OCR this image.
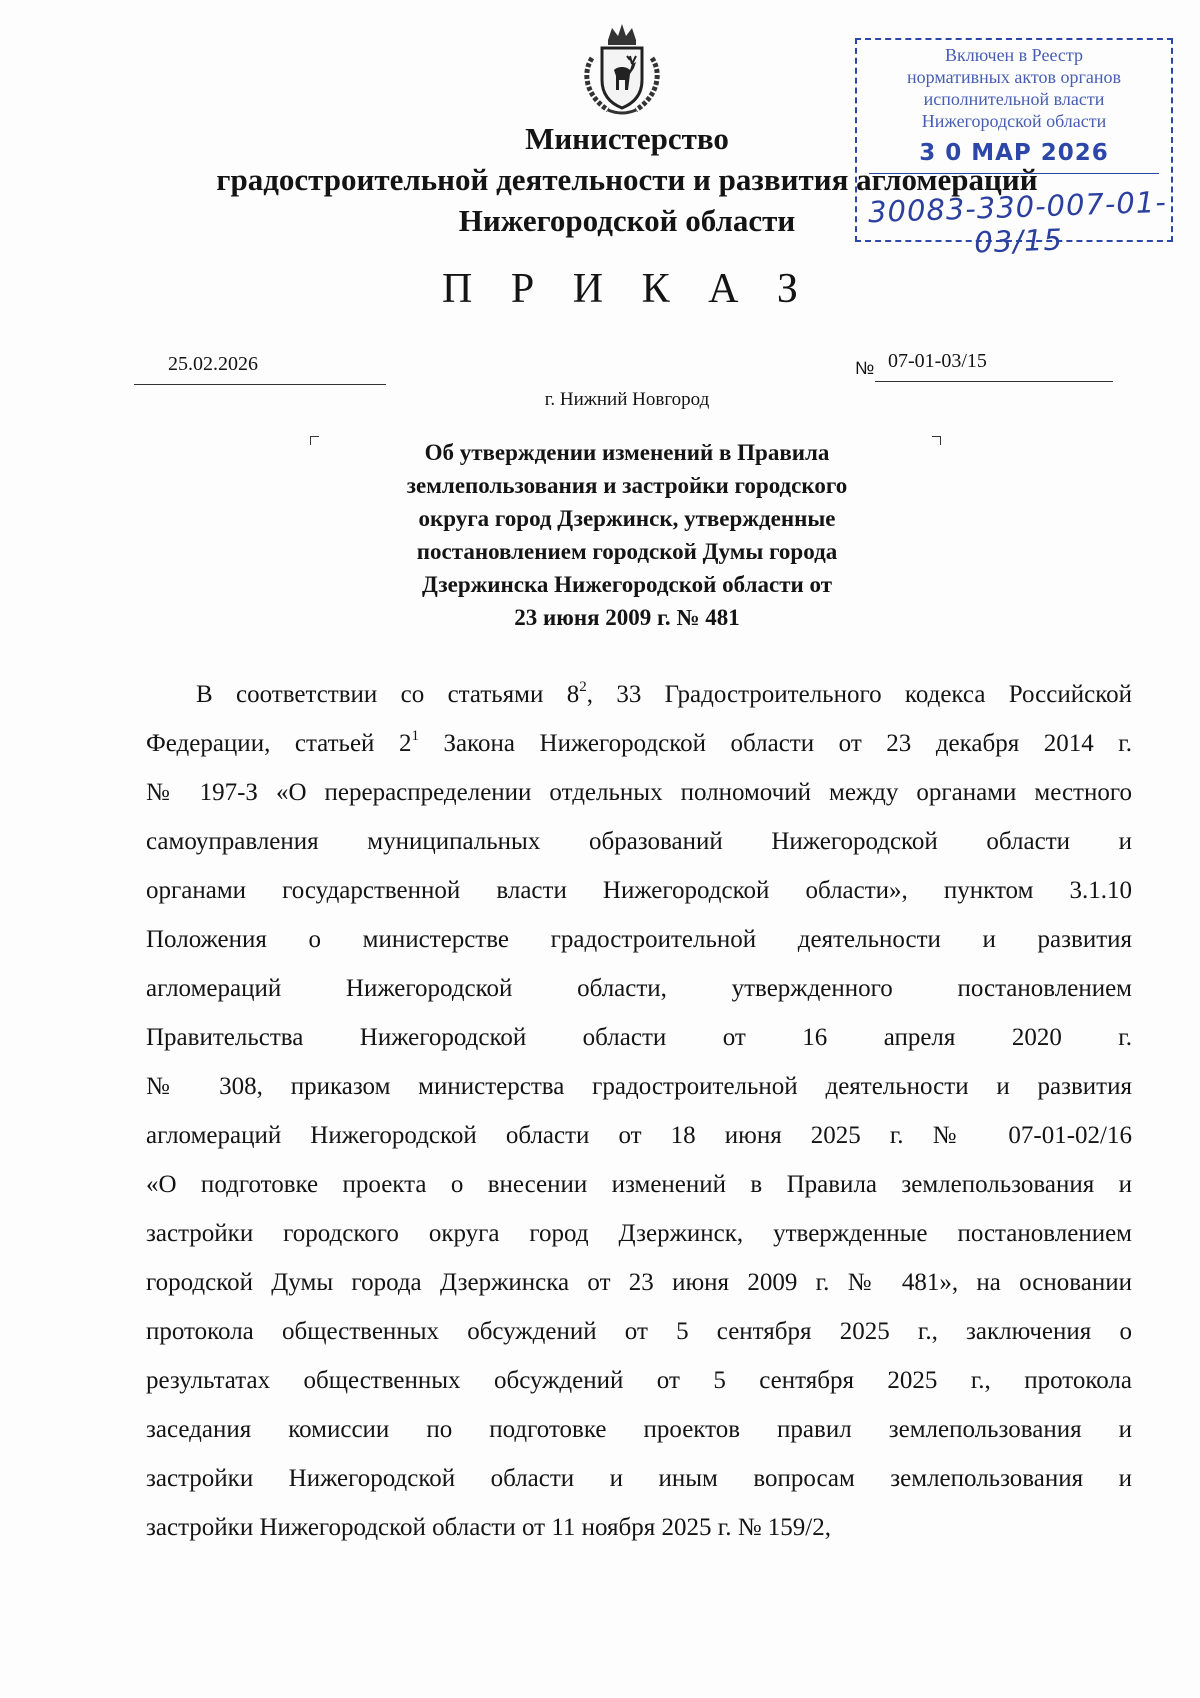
Включен в Реестр
нормативных актов органов
исполнительной власти
Нижегородской области
3 0 МАР 2026
30083-330-007-01-03/15
Министерство
градостроительной деятельности и развития агломераций
Нижегородской области
П Р И К А З
25.02.2026	№ 07-01-03/15
г. Нижний Новгород
Об утверждении изменений в Правила
землепользования и застройки городского
округа город Дзержинск, утвержденные
постановлением городской Думы города
Дзержинска Нижегородской области от
23 июня 2009 г. № 481
В соответствии со статьями $8^2$, 33 Градостроительного кодекса Российской
Федерации, статьей $2^1$ Закона Нижегородской области от 23 декабря 2014 г.
№ 197-З «О перераспределении отдельных полномочий между органами местного
самоуправления муниципальных образований Нижегородской области и
органами государственной власти Нижегородской области», пунктом 3.1.10
Положения о министерстве градостроительной деятельности и развития
агломераций Нижегородской области, утвержденного постановлением
Правительства Нижегородской области от 16 апреля 2020 г.
№ 308, приказом министерства градостроительной деятельности и развития
агломераций Нижегородской области от 18 июня 2025 г. № 07-01-02/16
«О подготовке проекта о внесении изменений в Правила землепользования и
застройки городского округа город Дзержинск, утвержденные постановлением
городской Думы города Дзержинска от 23 июня 2009 г. № 481», на основании
протокола общественных обсуждений от 5 сентября 2025 г., заключения о
результатах общественных обсуждений от 5 сентября 2025 г., протокола
заседания комиссии по подготовке проектов правил землепользования и
застройки Нижегородской области и иным вопросам землепользования и
застройки Нижегородской области от 11 ноября 2025 г. № 159/2,
